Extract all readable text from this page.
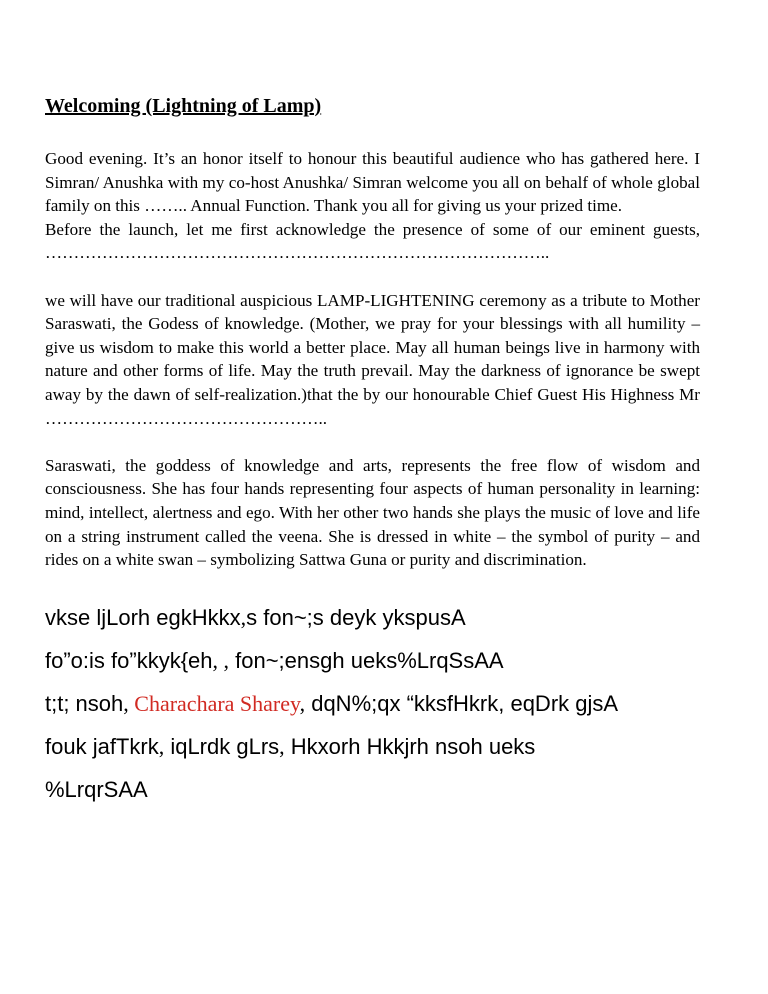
Welcoming (Lightning of Lamp)

Good evening. It’s an honor itself to honour this beautiful audience who has gathered here. I Simran/ Anushka with my co-host Anushka/ Simran welcome you all on behalf of whole global family on this …….. Annual Function. Thank you all for giving us your prized time.
Before the launch, let me first acknowledge the presence of some of our eminent guests, ……………………………………………………………………………..

we will have our traditional auspicious LAMP-LIGHTENING ceremony as a tribute to Mother Saraswati, the Godess of knowledge. (Mother, we pray for your blessings with all humility – give us wisdom to make this world a better place. May all human beings live in harmony with nature and other forms of life. May the truth prevail. May the darkness of ignorance be swept away by the dawn of self-realization.)that the by our honourable Chief Guest His Highness Mr …………………………………………..

Saraswati, the goddess of knowledge and arts, represents the free flow of wisdom and consciousness. She has four hands representing four aspects of human personality in learning: mind, intellect, alertness and ego. With her other two hands she plays the music of love and life on a string instrument called the veena. She is dressed in white – the symbol of purity – and rides on a white swan – symbolizing Sattwa Guna or purity and discrimination.

vkse ljLorh egkHkkx,s fon~;s deyk ykspusA
fo”o:is fo”kkyk{eh, , fon~;ensgh ueks%LrqSsAA
t;t; nsoh, Charachara Sharey, dqN%;qx “kksfHkrk, eqDrk gjsA
fouk jafTkrk, iqLrdk gLrs, Hkxorh Hkkjrh nsoh ueks
%LrqrSAA
